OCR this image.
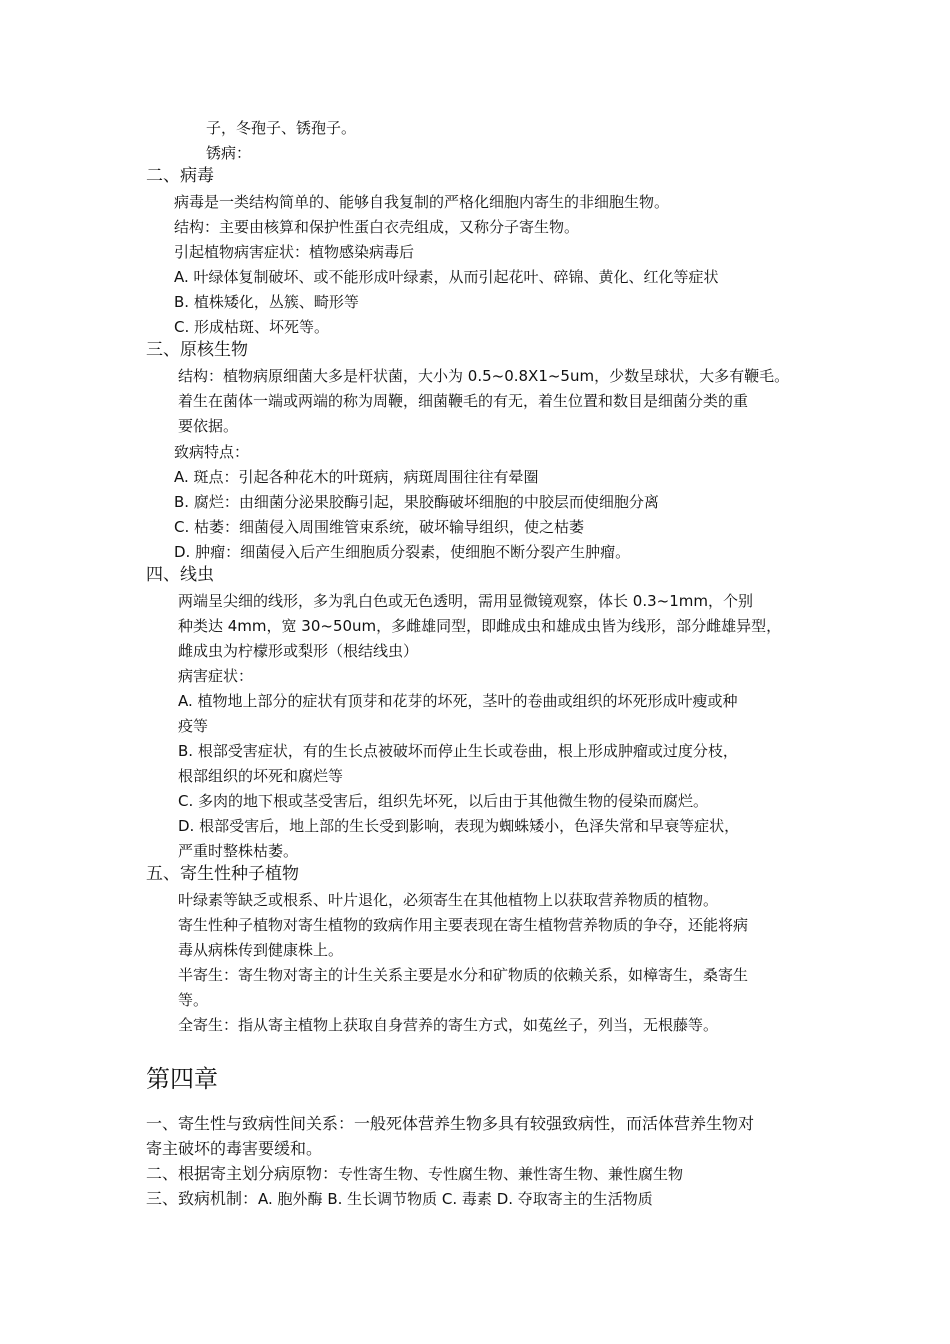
子，冬孢子、锈孢子。
锈病：
二、病毒
病毒是一类结构简单的、能够自我复制的严格化细胞内寄生的非细胞生物。
结构：主要由核算和保护性蛋白衣壳组成，又称分子寄生物。
引起植物病害症状：植物感染病毒后
A. 叶绿体复制破坏、或不能形成叶绿素，从而引起花叶、碎锦、黄化、红化等症状
B. 植株矮化，丛簇、畸形等
C. 形成枯斑、坏死等。
三、原核生物
结构：植物病原细菌大多是杆状菌，大小为 0.5~0.8X1~5um，少数呈球状，大多有鞭毛。
着生在菌体一端或两端的称为周鞭，细菌鞭毛的有无，着生位置和数目是细菌分类的重
要依据。
致病特点：
A. 斑点：引起各种花木的叶斑病，病斑周围往往有晕圈
B. 腐烂：由细菌分泌果胶酶引起，果胶酶破坏细胞的中胶层而使细胞分离
C. 枯萎：细菌侵入周围维管束系统，破坏输导组织，使之枯萎
D. 肿瘤：细菌侵入后产生细胞质分裂素，使细胞不断分裂产生肿瘤。
四、线虫
两端呈尖细的线形，多为乳白色或无色透明，需用显微镜观察，体长 0.3~1mm，个别
种类达 4mm，宽 30~50um，多雌雄同型，即雌成虫和雄成虫皆为线形，部分雌雄异型，
雌成虫为柠檬形或梨形（根结线虫）
病害症状：
A. 植物地上部分的症状有顶芽和花芽的坏死，茎叶的卷曲或组织的坏死形成叶瘦或种
疫等
B. 根部受害症状，有的生长点被破坏而停止生长或卷曲，根上形成肿瘤或过度分枝，
根部组织的坏死和腐烂等
C. 多肉的地下根或茎受害后，组织先坏死，以后由于其他微生物的侵染而腐烂。
D. 根部受害后，地上部的生长受到影响，表现为蜘蛛矮小，色泽失常和早衰等症状，
严重时整株枯萎。
五、寄生性种子植物
叶绿素等缺乏或根系、叶片退化，必须寄生在其他植物上以获取营养物质的植物。
寄生性种子植物对寄生植物的致病作用主要表现在寄生植物营养物质的争夺，还能将病
毒从病株传到健康株上。
半寄生：寄生物对寄主的计生关系主要是水分和矿物质的依赖关系，如樟寄生，桑寄生
等。
全寄生：指从寄主植物上获取自身营养的寄生方式，如菟丝子，列当，无根藤等。
第四章
一、寄生性与致病性间关系：一般死体营养生物多具有较强致病性，而活体营养生物对
寄主破坏的毒害要缓和。
二、根据寄主划分病原物：专性寄生物、专性腐生物、兼性寄生物、兼性腐生物
三、致病机制：A. 胞外酶 B. 生长调节物质 C. 毒素 D. 夺取寄主的生活物质
